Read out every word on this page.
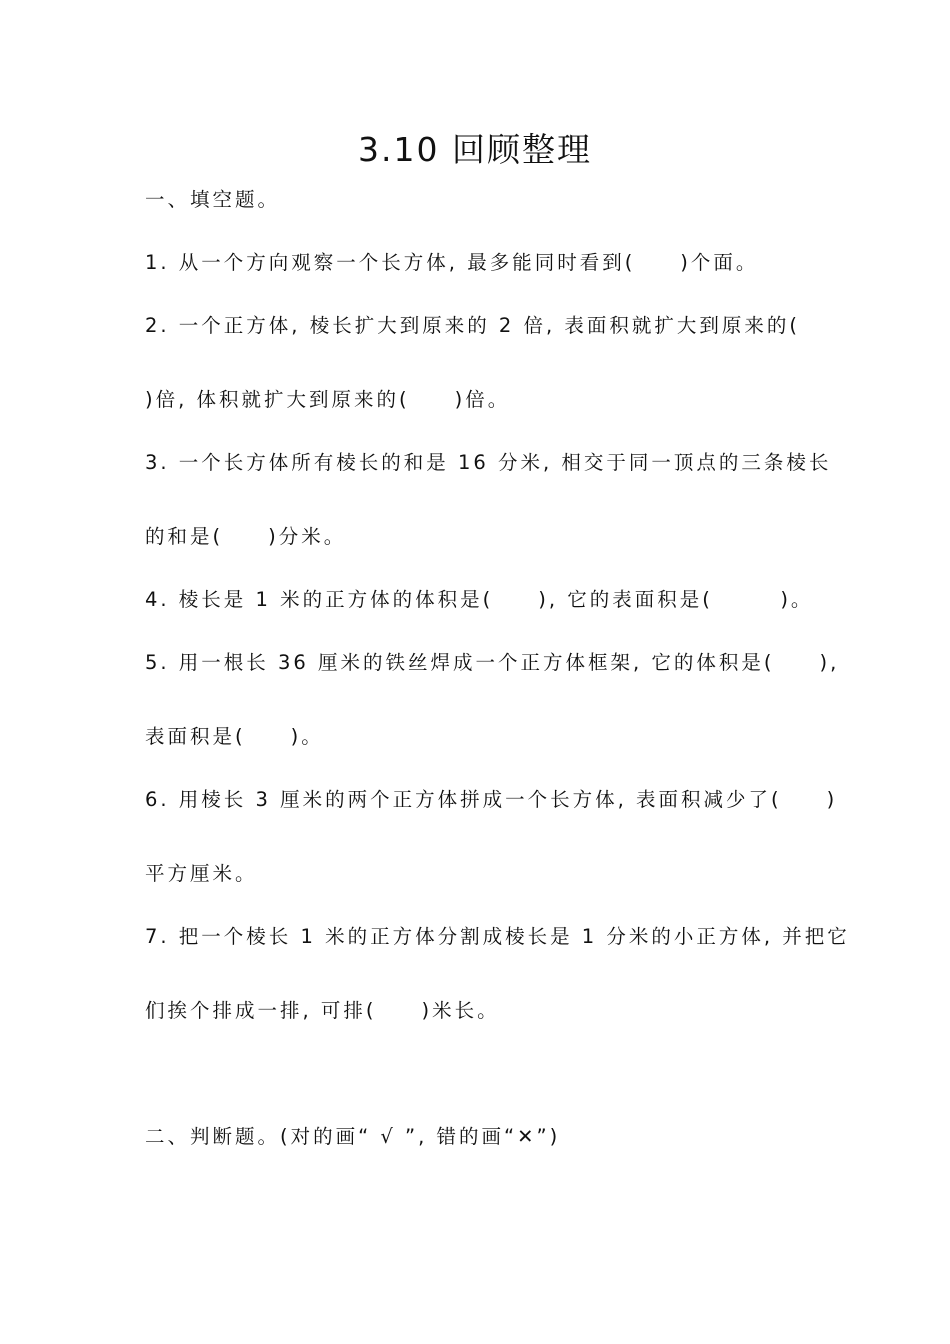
3.10 回顾整理
一、填空题。
1. 从一个方向观察一个长方体, 最多能同时看到(　　)个面。
2. 一个正方体, 棱长扩大到原来的 2 倍, 表面积就扩大到原来的(
)倍, 体积就扩大到原来的(　　)倍。
3. 一个长方体所有棱长的和是 16 分米, 相交于同一顶点的三条棱长
的和是(　　)分米。
4. 棱长是 1 米的正方体的体积是(　　), 它的表面积是(　　　)。
5. 用一根长 36 厘米的铁丝焊成一个正方体框架, 它的体积是(　　),
表面积是(　　)。
6. 用棱长 3 厘米的两个正方体拼成一个长方体, 表面积减少了(　　)
平方厘米。
7. 把一个棱长 1 米的正方体分割成棱长是 1 分米的小正方体, 并把它
们挨个排成一排, 可排(　　)米长。
二、判断题。(对的画“ √ ”, 错的画“✕”)
